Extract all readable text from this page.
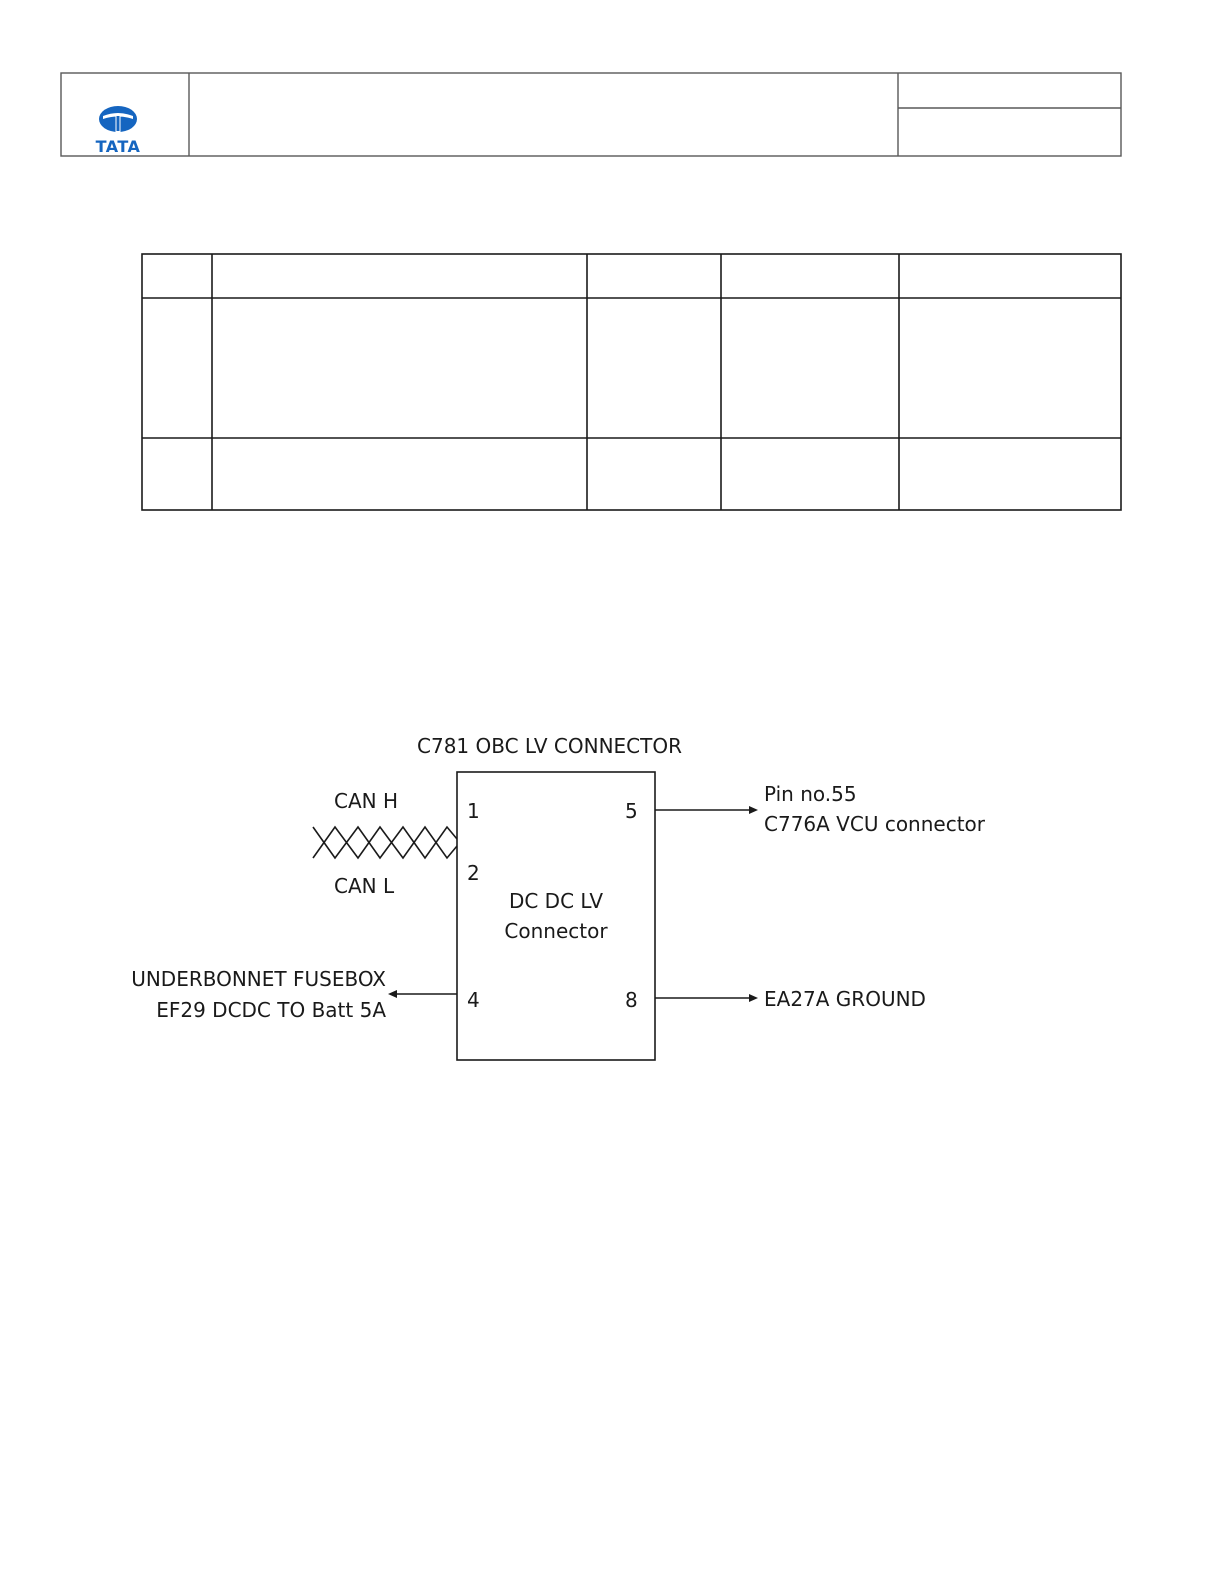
TATA
C781 OBC LV CONNECTOR
DC DC LV
Connector
1
2
4
5
8
CAN H
CAN L
Pin no.55
C776A VCU connector
EA27A GROUND
UNDERBONNET FUSEBOX
EF29 DCDC TO Batt 5A
